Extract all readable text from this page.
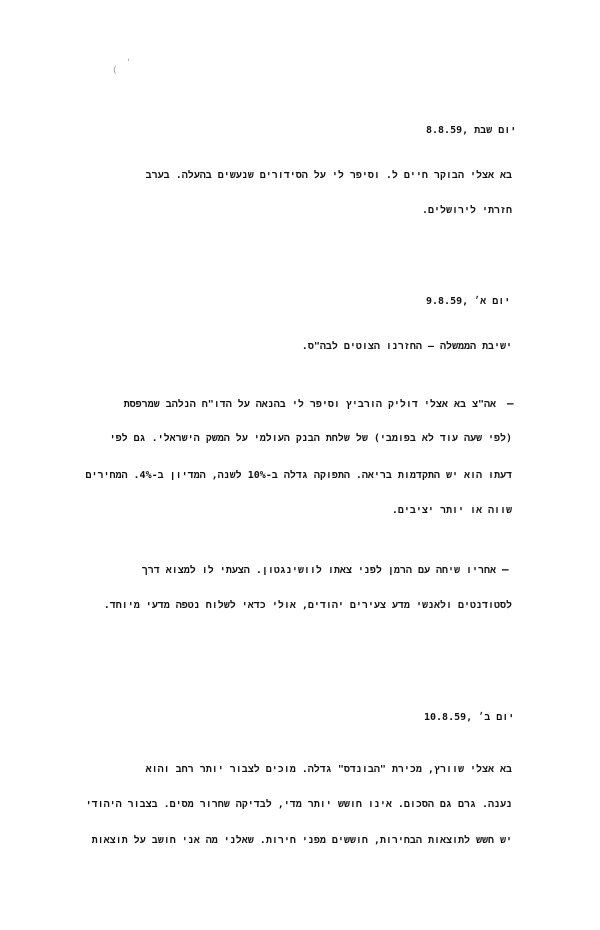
(
'
8.8.59, יום שבת
בא אצלי הבוקר חיים ל. וסיפר לי על הסידורים שנעשים בהעלה. בערב
חזרתי לירושלים.
9.8.59, יום א׳
ישיבת הממשלה – החזרנו הצוטים לבה"ס.
–
אה"צ בא אצלי דוליק הורביץ וסיפר לי בהנאה על הדו"ח הנלהב שמרפסת
(לפי שעה עוד לא בפומבי) של שלחת הבנק העולמי על המשק הישראלי. גם לפי
דעתו הוא יש התקדמות בריאה. התפוקה גדלה ב-10% לשנה, המדיון ב-4%. המחירים
שווה או יותר יציבים.
–
אחריו שיחה עם הרמן לפני צאתו לוושינגטון. הצעתי לו למצוא דרך
לסטודנטים ולאנשי מדע צעירים יהודים, אולי כדאי לשלוח נטפה מדעי מיוחד.
10.8.59, יום ב׳
בא אצלי שוורץ, מכירת "הבונדס" גדלה. מוכים לצבור יותר רחב והוא
נענה. גרם גם הסכום. אינו חושש יותר מדי, לבדיקה שחרור מסים. בצבור היהודי
יש חשש לתוצאות הבחירות, חוששים מפני חירות. שאלני מה אני חושב על תוצאות
